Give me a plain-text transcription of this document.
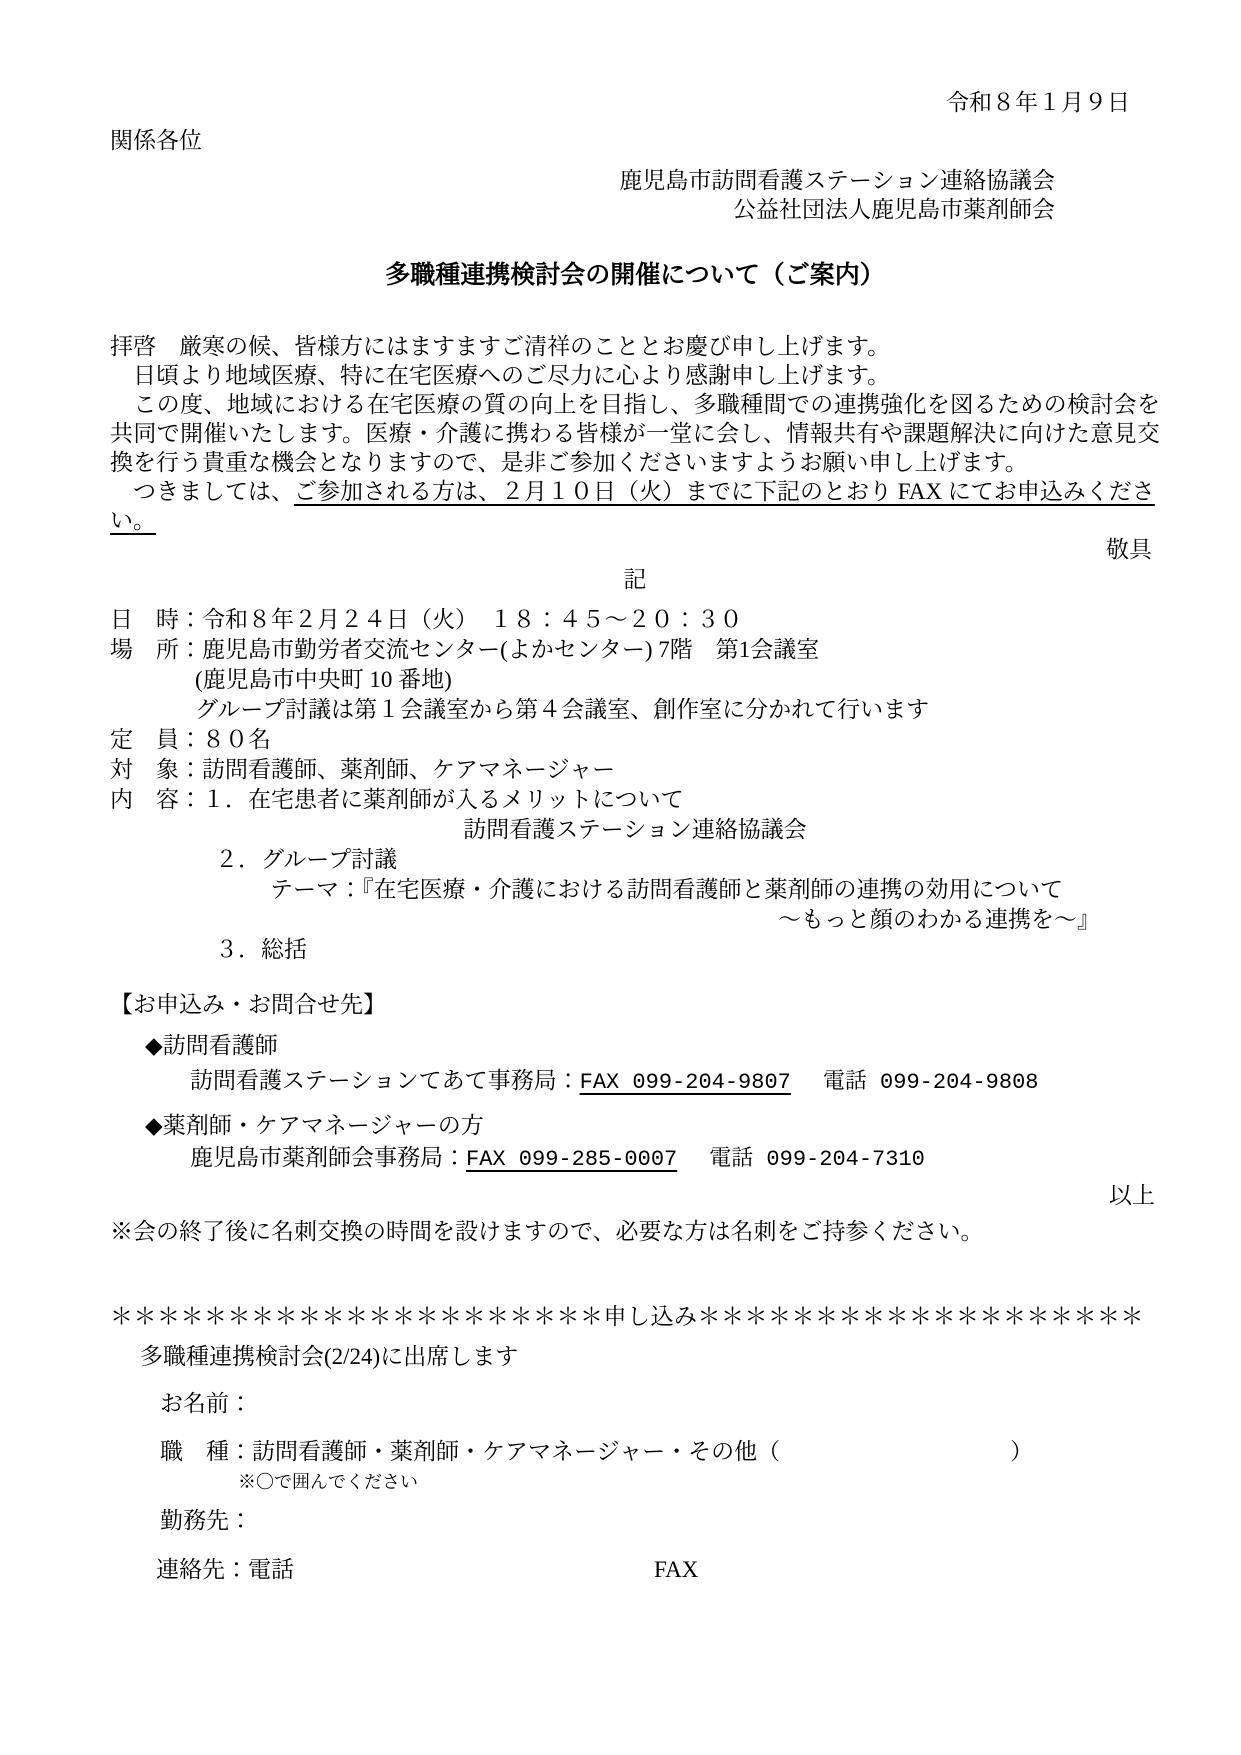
令和８年１月９日
関係各位
鹿児島市訪問看護ステーション連絡協議会
公益社団法人鹿児島市薬剤師会
多職種連携検討会の開催について（ご案内）

拝啓　厳寒の候、皆様方にはますますご清祥のこととお慶び申し上げます。

　日頃より地域医療、特に在宅医療へのご尽力に心より感謝申し上げます。

　この度、地域における在宅医療の質の向上を目指し、多職種間での連携強化を図るための検討会を共同で開催いたします。医療・介護に携わる皆様が一堂に会し、情報共有や課題解決に向けた意見交換を行う貴重な機会となりますので、是非ご参加くださいますようお願い申し上げます。

　つきましては、ご参加される方は、２月１０日（火）までに下記のとおり FAX にてお申込みください。

敬具
記
日　時：令和８年２月２４日（火）　１８：４５～２０：３０
場　所：鹿児島市勤労者交流センター(よかセンター) 7階　第1会議室
(鹿児島市中央町 10 番地)
グループ討議は第１会議室から第４会議室、創作室に分かれて行います
定　員：８０名
対　象：訪問看護師、薬剤師、ケアマネージャー
内　容：１．在宅患者に薬剤師が入るメリットについて
訪問看護ステーション連絡協議会
２．グループ討議
テーマ：『在宅医療・介護における訪問看護師と薬剤師の連携の効用について
～もっと顔のわかる連携を～』
３．総括
【お申込み・お問合せ先】
◆訪問看護師
訪問看護ステーションてあて事務局：FAX 099-204-9807 電話 099-204-9808
◆薬剤師・ケアマネージャーの方
鹿児島市薬剤師会事務局：FAX 099-285-0007 電話 099-204-7310
以上
※会の終了後に名刺交換の時間を設けますので、必要な方は名刺をご持参ください。
＊＊＊＊＊＊＊＊＊＊＊＊＊＊＊＊＊＊＊＊＊申し込み＊＊＊＊＊＊＊＊＊＊＊＊＊＊＊＊＊＊＊
多職種連携検討会(2/24)に出席します
お名前：
職　種：訪問看護師・薬剤師・ケアマネージャー・その他（　　　　　　　　　　）
※〇で囲んでください
勤務先：
連絡先：電話	FAX
